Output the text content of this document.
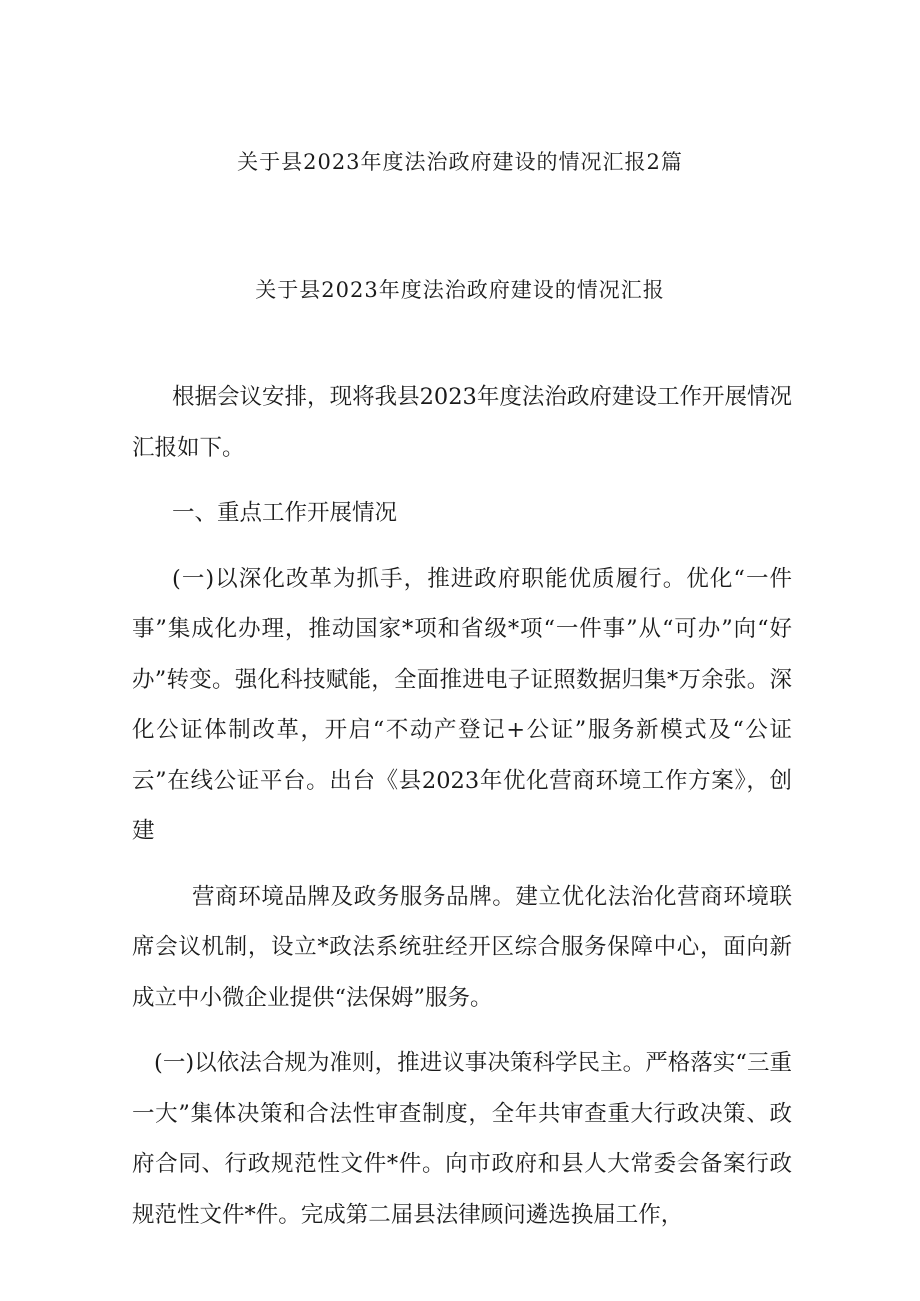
关于县2023年度法治政府建设的情况汇报2篇
关于县2023年度法治政府建设的情况汇报

根据会议安排，现将我县2023年度法治政府建设工作开展情况汇报如下。

一、重点工作开展情况

(一)以深化改革为抓手，推进政府职能优质履行。优化“一件事”集成化办理，推动国家*项和省级*项“一件事”从“可办”向“好办”转变。强化科技赋能，全面推进电子证照数据归集*万余张。深化公证体制改革，开启“不动产登记+公证”服务新模式及“公证云”在线公证平台。出台《县2023年优化营商环境工作方案》，创建

营商环境品牌及政务服务品牌。建立优化法治化营商环境联席会议机制，设立*政法系统驻经开区综合服务保障中心，面向新成立中小微企业提供“法保姆”服务。

(一)以依法合规为准则，推进议事决策科学民主。严格落实“三重一大”集体决策和合法性审查制度，全年共审查重大行政决策、政府合同、行政规范性文件*件。向市政府和县人大常委会备案行政规范性文件*件。完成第二届县法律顾问遴选换届工作，
